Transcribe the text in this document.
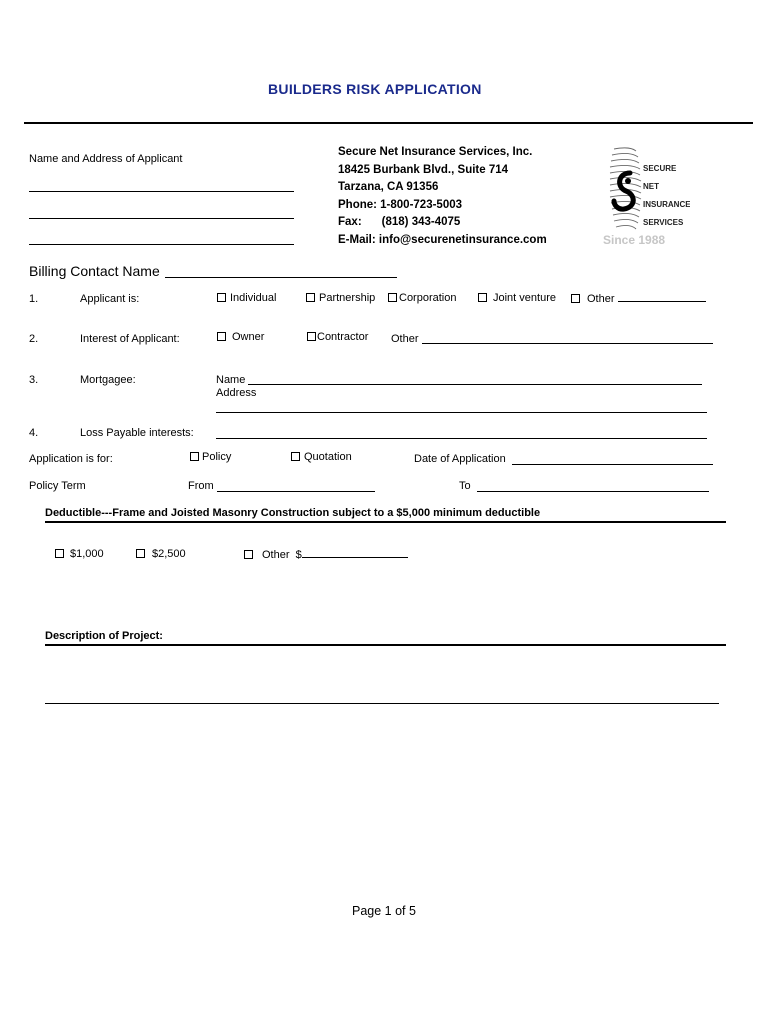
BUILDERS RISK APPLICATION
Name and Address of Applicant
Secure Net Insurance Services, Inc.
18425 Burbank Blvd., Suite 714
Tarzana, CA 91356
Phone: 1-800-723-5003
Fax: (818) 343-4075
E-Mail: info@securenetinsurance.com
SECURE
NET
INSURANCE
SERVICES
Since 1988
Billing Contact Name
1.	Applicant is:	Individual	Partnership	Corporation	Joint venture	Other
2.	Interest of Applicant:	Owner	Contractor Other
3.	Mortgagee:	Name
Address
4.	Loss Payable interests:
Application is for:	Policy	Quotation	Date of Application
Policy Term	From	To
Deductible---Frame and Joisted Masonry Construction subject to a $5,000 minimum deductible
$1,000	$2,500	Other $
Description of Project:
Page 1 of 5
